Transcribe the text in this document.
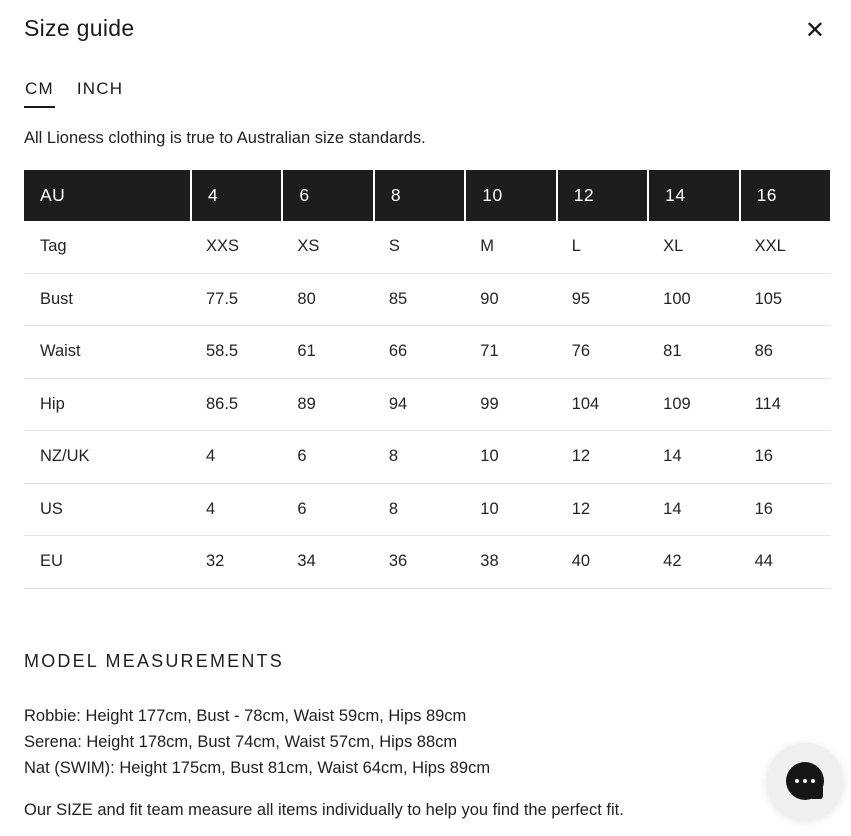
Size guide	✕
CM INCH

All Lioness clothing is true to Australian size standards.

AU	4	6	8	10	12	14	16
Tag	XXS	XS	S	M	L	XL	XXL
Bust	77.5	80	85	90	95	100	105
Waist	58.5	61	66	71	76	81	86
Hip	86.5	89	94	99	104	109	114
NZ/UK	4	6	8	10	12	14	16
US	4	6	8	10	12	14	16
EU	32	34	36	38	40	42	44
MODEL MEASUREMENTS

Robbie: Height 177cm, Bust - 78cm, Waist 59cm, Hips 89cm

Serena: Height 178cm, Bust 74cm, Waist 57cm, Hips 88cm

Nat (SWIM): Height 175cm, Bust 81cm, Waist 64cm, Hips 89cm

Our SIZE and fit team measure all items individually to help you find the perfect fit.
